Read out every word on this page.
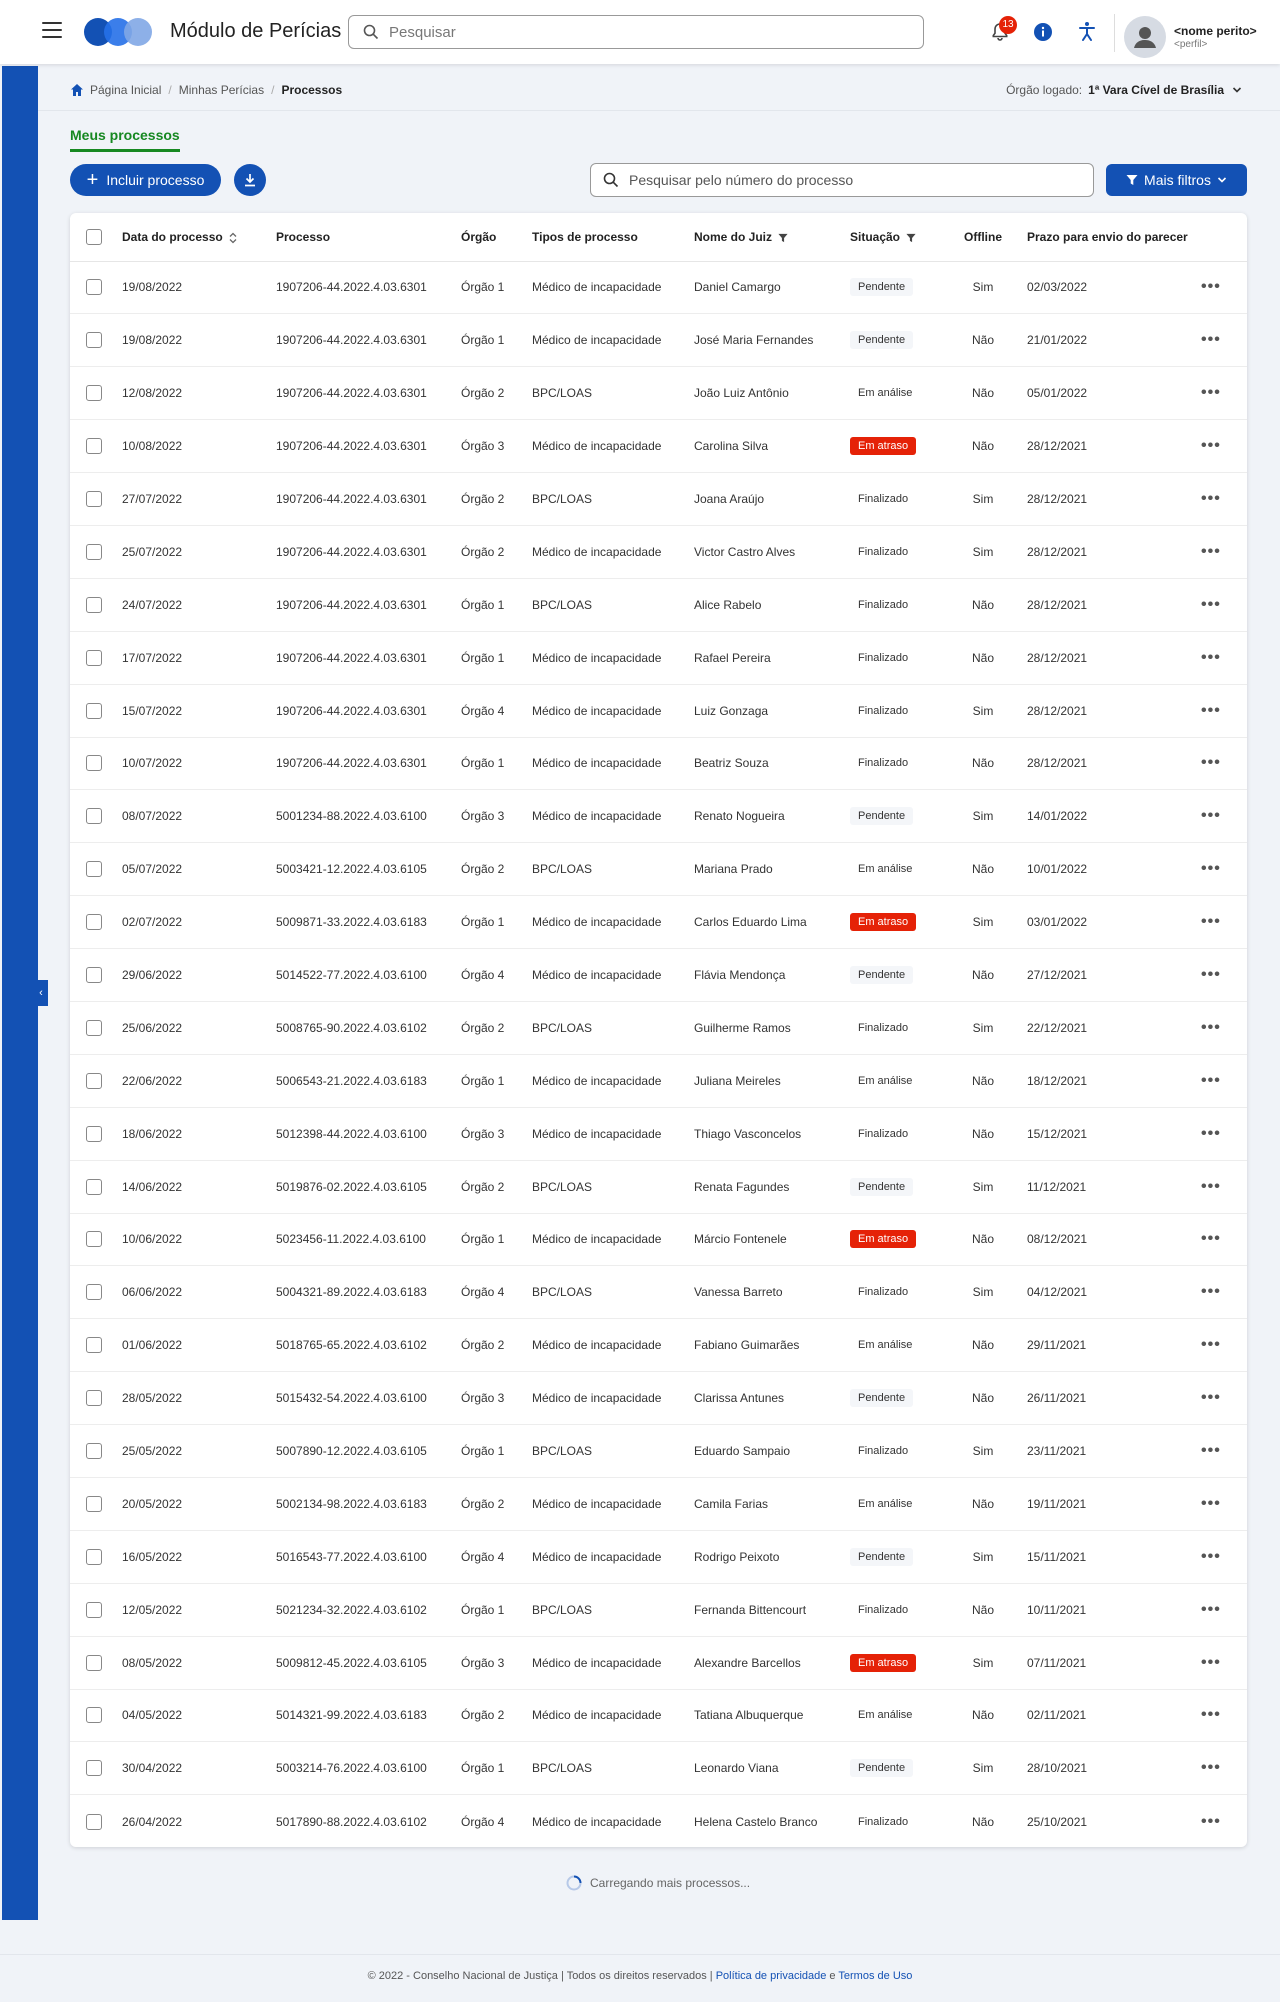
Módulo de Perícias
Pesquisar	13	<nome perito>
<perfil>
‹
Página Inicial / Minhas Perícias / Processos	Órgão logado: 1ª Vara Cível de Brasília
Meus processos
+ Incluir processo
Pesquisar pelo número do processo	Mais filtros
	Data do processo	Processo	Órgão	Tipos de processo	Nome do Juiz	Situação	Offline	Prazo para envio do parecer	
	19/08/2022	1907206-44.2022.4.03.6301	Órgão 1	Médico de incapacidade	Daniel Camargo	Pendente	Sim	02/03/2022	•••
	19/08/2022	1907206-44.2022.4.03.6301	Órgão 1	Médico de incapacidade	José Maria Fernandes	Pendente	Não	21/01/2022	•••
	12/08/2022	1907206-44.2022.4.03.6301	Órgão 2	BPC/LOAS	João Luiz Antônio	Em análise	Não	05/01/2022	•••
	10/08/2022	1907206-44.2022.4.03.6301	Órgão 3	Médico de incapacidade	Carolina Silva	Em atraso	Não	28/12/2021	•••
	27/07/2022	1907206-44.2022.4.03.6301	Órgão 2	BPC/LOAS	Joana Araújo	Finalizado	Sim	28/12/2021	•••
	25/07/2022	1907206-44.2022.4.03.6301	Órgão 2	Médico de incapacidade	Victor Castro Alves	Finalizado	Sim	28/12/2021	•••
	24/07/2022	1907206-44.2022.4.03.6301	Órgão 1	BPC/LOAS	Alice Rabelo	Finalizado	Não	28/12/2021	•••
	17/07/2022	1907206-44.2022.4.03.6301	Órgão 1	Médico de incapacidade	Rafael Pereira	Finalizado	Não	28/12/2021	•••
	15/07/2022	1907206-44.2022.4.03.6301	Órgão 4	Médico de incapacidade	Luiz Gonzaga	Finalizado	Sim	28/12/2021	•••
	10/07/2022	1907206-44.2022.4.03.6301	Órgão 1	Médico de incapacidade	Beatriz Souza	Finalizado	Não	28/12/2021	•••
	08/07/2022	5001234-88.2022.4.03.6100	Órgão 3	Médico de incapacidade	Renato Nogueira	Pendente	Sim	14/01/2022	•••
	05/07/2022	5003421-12.2022.4.03.6105	Órgão 2	BPC/LOAS	Mariana Prado	Em análise	Não	10/01/2022	•••
	02/07/2022	5009871-33.2022.4.03.6183	Órgão 1	Médico de incapacidade	Carlos Eduardo Lima	Em atraso	Sim	03/01/2022	•••
	29/06/2022	5014522-77.2022.4.03.6100	Órgão 4	Médico de incapacidade	Flávia Mendonça	Pendente	Não	27/12/2021	•••
	25/06/2022	5008765-90.2022.4.03.6102	Órgão 2	BPC/LOAS	Guilherme Ramos	Finalizado	Sim	22/12/2021	•••
	22/06/2022	5006543-21.2022.4.03.6183	Órgão 1	Médico de incapacidade	Juliana Meireles	Em análise	Não	18/12/2021	•••
	18/06/2022	5012398-44.2022.4.03.6100	Órgão 3	Médico de incapacidade	Thiago Vasconcelos	Finalizado	Não	15/12/2021	•••
	14/06/2022	5019876-02.2022.4.03.6105	Órgão 2	BPC/LOAS	Renata Fagundes	Pendente	Sim	11/12/2021	•••
	10/06/2022	5023456-11.2022.4.03.6100	Órgão 1	Médico de incapacidade	Márcio Fontenele	Em atraso	Não	08/12/2021	•••
	06/06/2022	5004321-89.2022.4.03.6183	Órgão 4	BPC/LOAS	Vanessa Barreto	Finalizado	Sim	04/12/2021	•••
	01/06/2022	5018765-65.2022.4.03.6102	Órgão 2	Médico de incapacidade	Fabiano Guimarães	Em análise	Não	29/11/2021	•••
	28/05/2022	5015432-54.2022.4.03.6100	Órgão 3	Médico de incapacidade	Clarissa Antunes	Pendente	Não	26/11/2021	•••
	25/05/2022	5007890-12.2022.4.03.6105	Órgão 1	BPC/LOAS	Eduardo Sampaio	Finalizado	Sim	23/11/2021	•••
	20/05/2022	5002134-98.2022.4.03.6183	Órgão 2	Médico de incapacidade	Camila Farias	Em análise	Não	19/11/2021	•••
	16/05/2022	5016543-77.2022.4.03.6100	Órgão 4	Médico de incapacidade	Rodrigo Peixoto	Pendente	Sim	15/11/2021	•••
	12/05/2022	5021234-32.2022.4.03.6102	Órgão 1	BPC/LOAS	Fernanda Bittencourt	Finalizado	Não	10/11/2021	•••
	08/05/2022	5009812-45.2022.4.03.6105	Órgão 3	Médico de incapacidade	Alexandre Barcellos	Em atraso	Sim	07/11/2021	•••
	04/05/2022	5014321-99.2022.4.03.6183	Órgão 2	Médico de incapacidade	Tatiana Albuquerque	Em análise	Não	02/11/2021	•••
	30/04/2022	5003214-76.2022.4.03.6100	Órgão 1	BPC/LOAS	Leonardo Viana	Pendente	Sim	28/10/2021	•••
	26/04/2022	5017890-88.2022.4.03.6102	Órgão 4	Médico de incapacidade	Helena Castelo Branco	Finalizado	Não	25/10/2021	•••
Carregando mais processos...
© 2022 - Conselho Nacional de Justiça | Todos os direitos reservados | Política de privacidade e Termos de Uso
